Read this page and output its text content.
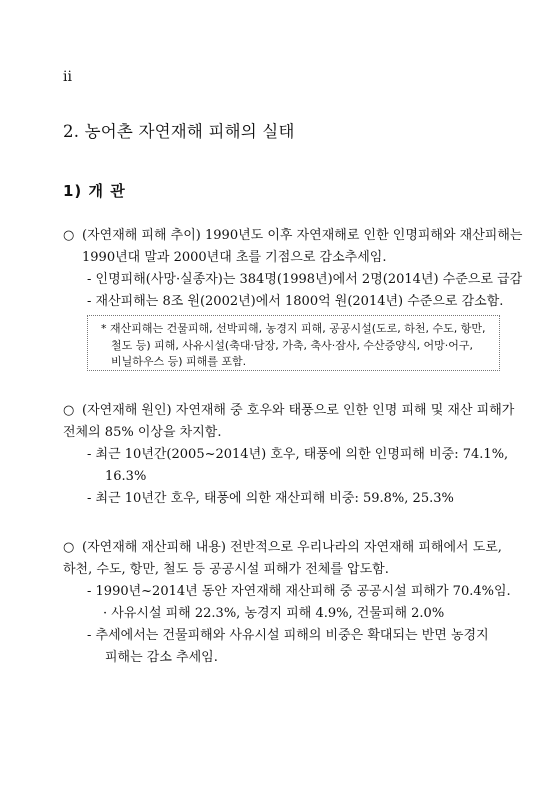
ii
2. 농어촌 자연재해 피해의 실태
1) 개 관
○ (자연재해 피해 추이) 1990년도 이후 자연재해로 인한 인명피해와 재산피해는
1990년대 말과 2000년대 초를 기점으로 감소추세임.
- 인명피해(사망·실종자)는 384명(1998년)에서 2명(2014년) 수준으로 급감
- 재산피해는 8조 원(2002년)에서 1800억 원(2014년) 수준으로 감소함.
* 재산피해는 건물피해, 선박피해, 농경지 피해, 공공시설(도로, 하천, 수도, 항만,
철도 등) 피해, 사유시설(축대·담장, 가축, 축사·잠사, 수산증양식, 어망·어구,
비닐하우스 등) 피해를 포함.
○ (자연재해 원인) 자연재해 중 호우와 태풍으로 인한 인명 피해 및 재산 피해가
전체의 85% 이상을 차지함.
- 최근 10년간(2005~2014년) 호우, 태풍에 의한 인명피해 비중: 74.1%,
16.3%
- 최근 10년간 호우, 태풍에 의한 재산피해 비중: 59.8%, 25.3%
○ (자연재해 재산피해 내용) 전반적으로 우리나라의 자연재해 피해에서 도로,
하천, 수도, 항만, 철도 등 공공시설 피해가 전체를 압도함.
- 1990년~2014년 동안 자연재해 재산피해 중 공공시설 피해가 70.4%임.
· 사유시설 피해 22.3%, 농경지 피해 4.9%, 건물피해 2.0%
- 추세에서는 건물피해와 사유시설 피해의 비중은 확대되는 반면 농경지
피해는 감소 추세임.
